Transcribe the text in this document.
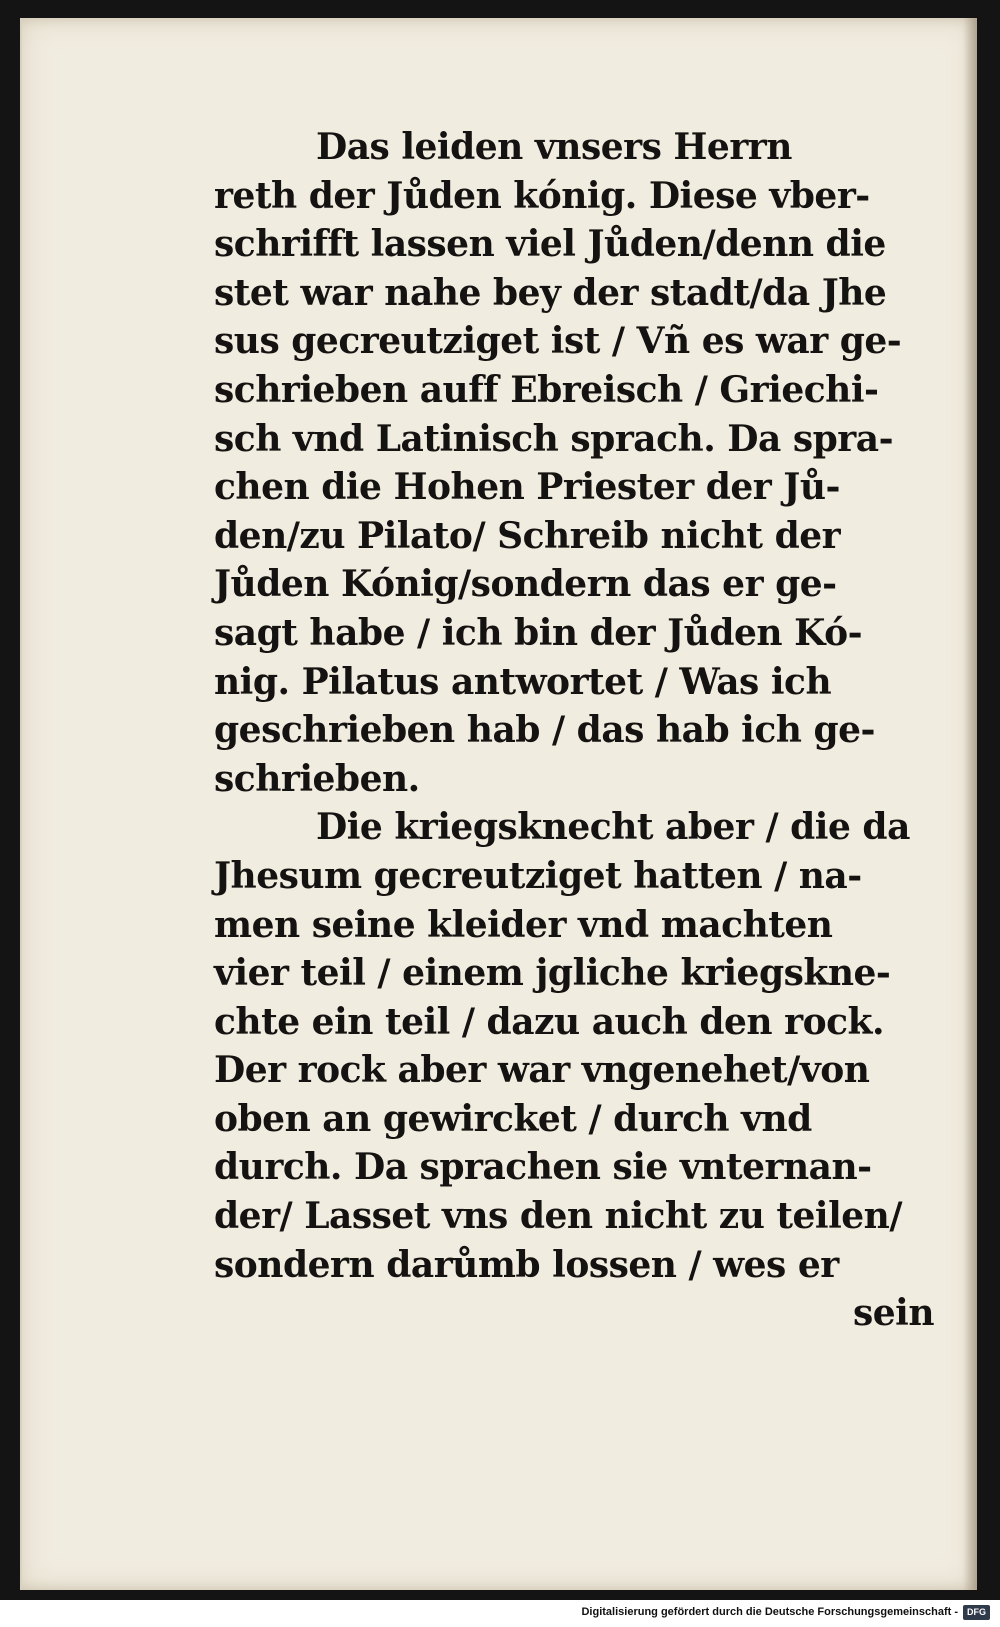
Das leiden vnsers Herrn
reth der Jůden kónig. Diese vber-
schrifft lassen viel Jůden/denn die
stet war nahe bey der stadt/da Jhe
sus gecreutziget ist / Vñ es war ge-
schrieben auff Ebreisch / Griechi-
sch vnd Latinisch sprach. Da spra-
chen die Hohen Priester der Jů-
den/zu Pilato/ Schreib nicht der
Jůden Kónig/sondern das er ge-
sagt habe / ich bin der Jůden Kó-
nig. Pilatus antwortet / Was ich
geschrieben hab / das hab ich ge-
schrieben.
Die kriegsknecht aber / die da
Jhesum gecreutziget hatten / na-
men seine kleider vnd machten
vier teil / einem jgliche kriegskne-
chte ein teil / dazu auch den rock.
Der rock aber war vngenehet/von
oben an gewircket / durch vnd
durch. Da sprachen sie vnternan-
der/ Lasset vns den nicht zu teilen/
sondern darůmb lossen / wes er
sein
Digitalisierung gefördert durch die Deutsche Forschungsgemeinschaft -	DFG
